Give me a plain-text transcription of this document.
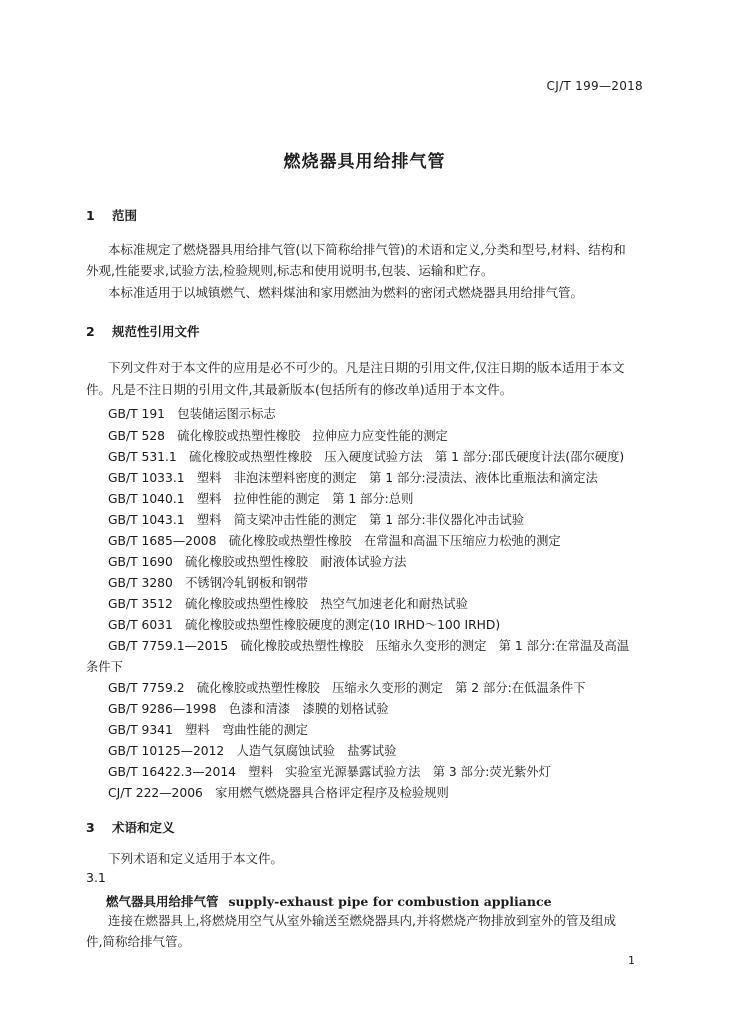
CJ/T 199—2018
燃烧器具用给排气管
1 范围
本标准规定了燃烧器具用给排气管(以下简称给排气管)的术语和定义,分类和型号,材料、结构和
外观,性能要求,试验方法,检验规则,标志和使用说明书,包装、运输和贮存。
本标准适用于以城镇燃气、燃料煤油和家用燃油为燃料的密闭式燃烧器具用给排气管。
2 规范性引用文件
下列文件对于本文件的应用是必不可少的。凡是注日期的引用文件,仅注日期的版本适用于本文
件。凡是不注日期的引用文件,其最新版本(包括所有的修改单)适用于本文件。
GB/T 191　包装储运图示标志
GB/T 528　硫化橡胶或热塑性橡胶　拉伸应力应变性能的测定
GB/T 531.1　硫化橡胶或热塑性橡胶　压入硬度试验方法　第 1 部分:邵氏硬度计法(邵尔硬度)
GB/T 1033.1　塑料　非泡沫塑料密度的测定　第 1 部分:浸渍法、液体比重瓶法和滴定法
GB/T 1040.1　塑料　拉伸性能的测定　第 1 部分:总则
GB/T 1043.1　塑料　简支梁冲击性能的测定　第 1 部分:非仪器化冲击试验
GB/T 1685—2008　硫化橡胶或热塑性橡胶　在常温和高温下压缩应力松弛的测定
GB/T 1690　硫化橡胶或热塑性橡胶　耐液体试验方法
GB/T 3280　不锈钢冷轧钢板和钢带
GB/T 3512　硫化橡胶或热塑性橡胶　热空气加速老化和耐热试验
GB/T 6031　硫化橡胶或热塑性橡胶硬度的测定(10 IRHD～100 IRHD)
GB/T 7759.1—2015　硫化橡胶或热塑性橡胶　压缩永久变形的测定　第 1 部分:在常温及高温
条件下
GB/T 7759.2　硫化橡胶或热塑性橡胶　压缩永久变形的测定　第 2 部分:在低温条件下
GB/T 9286—1998　色漆和清漆　漆膜的划格试验
GB/T 9341　塑料　弯曲性能的测定
GB/T 10125—2012　人造气氛腐蚀试验　盐雾试验
GB/T 16422.3—2014　塑料　实验室光源暴露试验方法　第 3 部分:荧光紫外灯
CJ/T 222—2006　家用燃气燃烧器具合格评定程序及检验规则
3 术语和定义
下列术语和定义适用于本文件。
3.1
燃气器具用给排气管 supply-exhaust pipe for combustion appliance
连接在燃器具上,将燃烧用空气从室外输送至燃烧器具内,并将燃烧产物排放到室外的管及组成
件,简称给排气管。
1
